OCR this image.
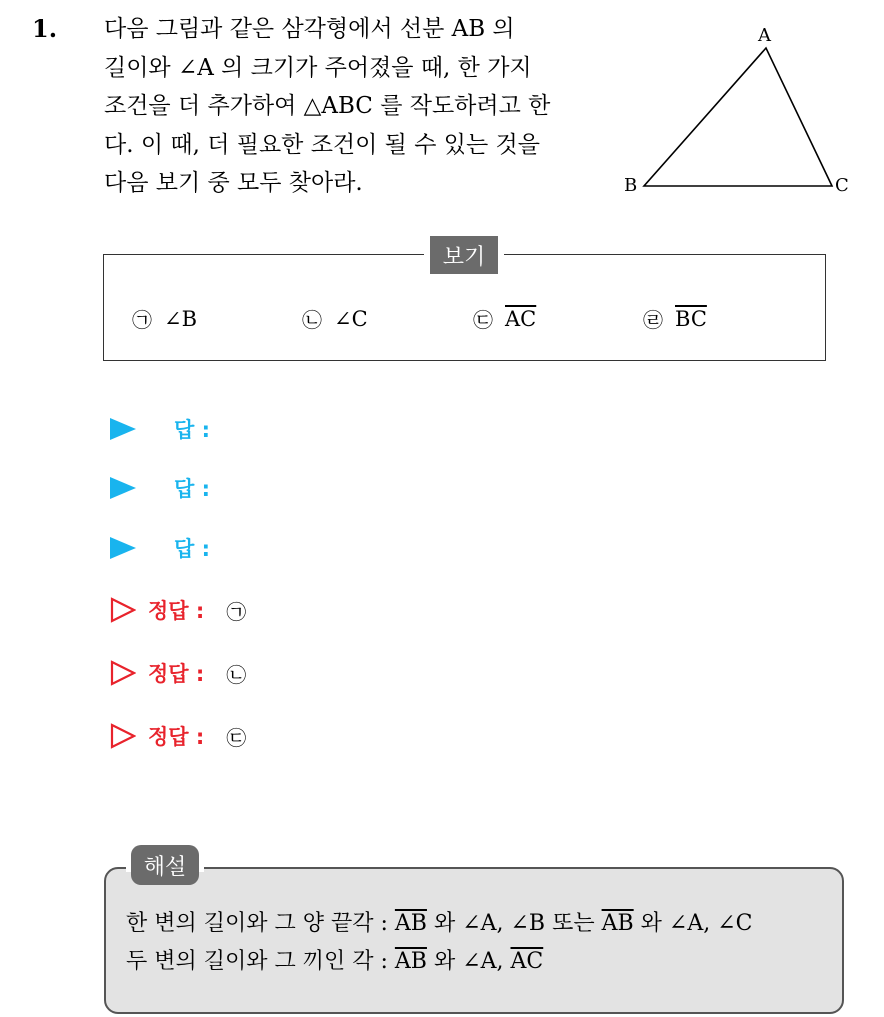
1. 다음 그림과 같은 삼각형에서 선분 AB 의
길이와 ∠A 의 크기가 주어졌을 때, 한 가지
조건을 더 추가하여 △ABC 를 작도하려고 한
다. 이 때, 더 필요한 조건이 될 수 있는 것을
다음 보기 중 모두 찾아라.
A
B	C
보기
㉠ ∠B	㉡ ∠C	㉢ $\overline{AC}$	㉣ $\overline{BC}$
답 :
답 :
답 :
정답 : ㉠
정답 : ㉡
정답 : ㉢
해설
한 변의 길이와 그 양 끝각 : $\overline{AB}$ 와 ∠A, ∠B 또는 $\overline{AB}$ 와 ∠A, ∠C
두 변의 길이와 그 끼인 각 : $\overline{AB}$ 와 ∠A, $\overline{AC}$
